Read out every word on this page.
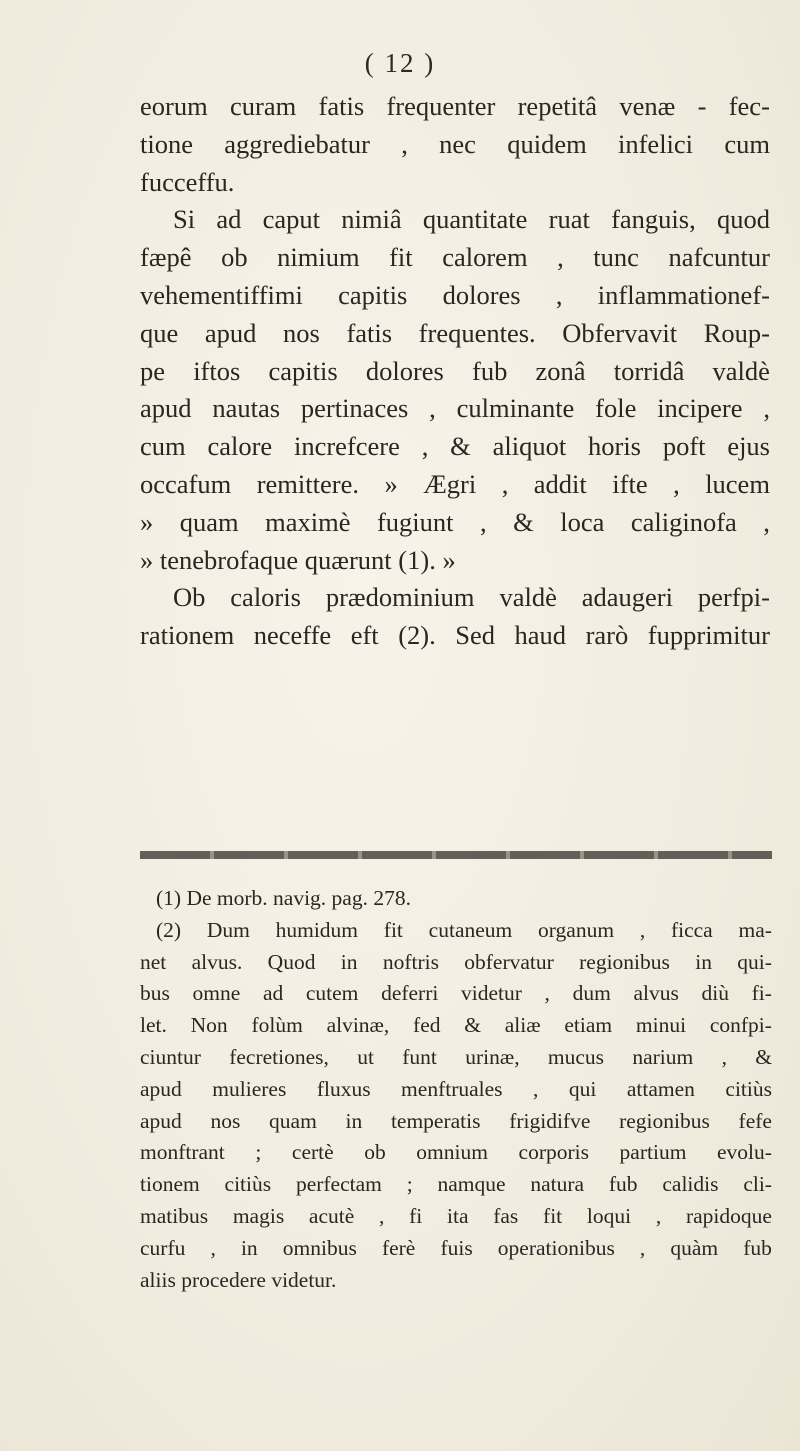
( 12 )
eorum curam fatis frequenter repetitâ venæ - fec-
tione aggrediebatur , nec quidem infelici cum
fucceffu.
Si ad caput nimiâ quantitate ruat fanguis, quod
fæpê ob nimium fit calorem , tunc nafcuntur
vehementiffimi capitis dolores , inflammationef-
que apud nos fatis frequentes. Obfervavit Roup-
pe iftos capitis dolores fub zonâ torridâ valdè
apud nautas pertinaces , culminante fole incipere ,
cum calore increfcere , & aliquot horis poft ejus
occafum remittere. » Ægri , addit ifte , lucem
» quam maximè fugiunt , & loca caliginofa ,
» tenebrofaque quærunt (1). »
Ob caloris prædominium valdè adaugeri perfpi-
rationem neceffe eft (2). Sed haud rarò fupprimitur
(1) De morb. navig. pag. 278.
(2) Dum humidum fit cutaneum organum , ficca ma-
net alvus. Quod in noftris obfervatur regionibus in qui-
bus omne ad cutem deferri videtur , dum alvus diù fi-
let. Non folùm alvinæ, fed & aliæ etiam minui confpi-
ciuntur fecretiones, ut funt urinæ, mucus narium , &
apud mulieres fluxus menftruales , qui attamen citiùs
apud nos quam in temperatis frigidifve regionibus fefe
monftrant ; certè ob omnium corporis partium evolu-
tionem citiùs perfectam ; namque natura fub calidis cli-
matibus magis acutè , fi ita fas fit loqui , rapidoque
curfu , in omnibus ferè fuis operationibus , quàm fub
aliis procedere videtur.
